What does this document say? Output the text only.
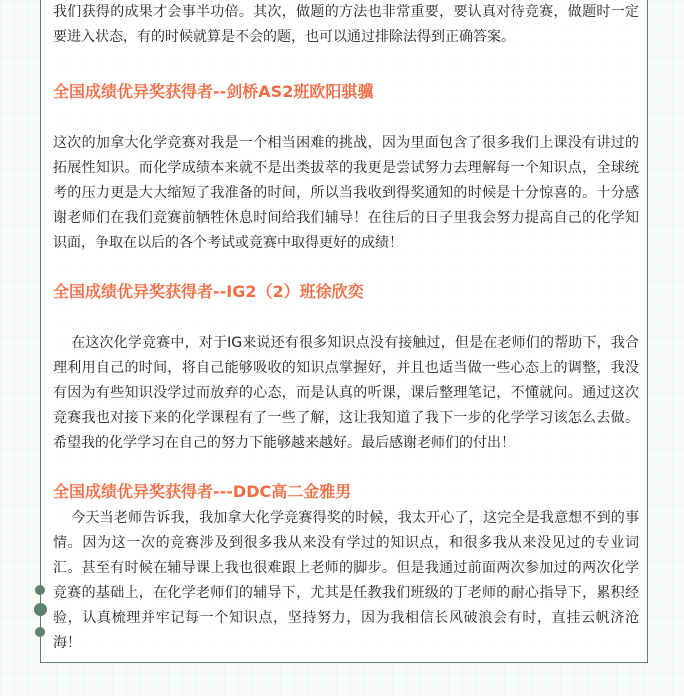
我们获得的成果才会事半功倍。其次，做题的方法也非常重要，要认真对待竞赛，做题时一定要进入状态，有的时候就算是不会的题，也可以通过排除法得到正确答案。

全国成绩优异奖获得者--剑桥AS2班欧阳骐骥

这次的加拿大化学竞赛对我是一个相当困难的挑战，因为里面包含了很多我们上课没有讲过的拓展性知识。而化学成绩本来就不是出类拔萃的我更是尝试努力去理解每一个知识点，全球统考的压力更是大大缩短了我准备的时间，所以当我收到得奖通知的时候是十分惊喜的。十分感谢老师们在我们竞赛前牺牲休息时间给我们辅导！在往后的日子里我会努力提高自己的化学知识面，争取在以后的各个考试或竞赛中取得更好的成绩！

全国成绩优异奖获得者--IG2（2）班徐欣奕

在这次化学竞赛中，对于IG来说还有很多知识点没有接触过，但是在老师们的帮助下，我合理利用自己的时间，将自己能够吸收的知识点掌握好，并且也适当做一些心态上的调整，我没有因为有些知识没学过而放弃的心态，而是认真的听课，课后整理笔记，不懂就问。通过这次竞赛我也对接下来的化学课程有了一些了解，这让我知道了我下一步的化学学习该怎么去做。希望我的化学学习在自己的努力下能够越来越好。最后感谢老师们的付出！

全国成绩优异奖获得者---DDC高二金雅男

今天当老师告诉我，我加拿大化学竞赛得奖的时候，我太开心了，这完全是我意想不到的事情。因为这一次的竞赛涉及到很多我从来没有学过的知识点，和很多我从来没见过的专业词汇。甚至有时候在辅导课上我也很难跟上老师的脚步。但是我通过前面两次参加过的两次化学竞赛的基础上，在化学老师们的辅导下，尤其是任教我们班级的丁老师的耐心指导下，累积经验，认真梳理并牢记每一个知识点，坚持努力，因为我相信长风破浪会有时，直挂云帆济沧海！
